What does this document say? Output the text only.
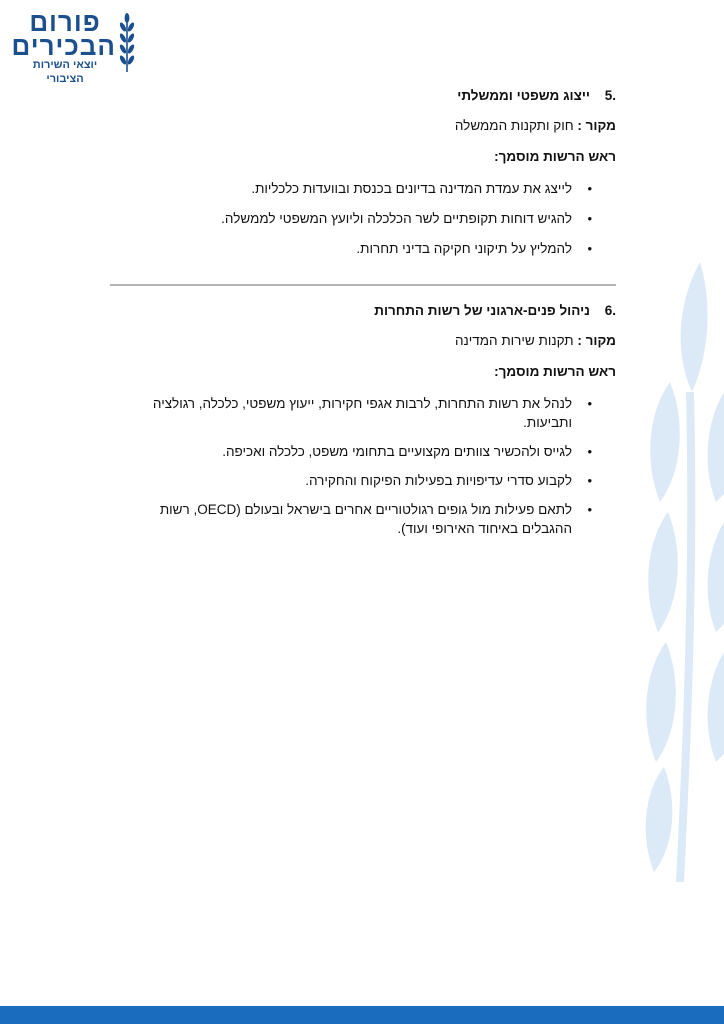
פורום
הבכירים
יוצאי השירות הציבורי

.5ייצוג משפטי וממשלתי

מקור : חוק ותקנות הממשלה

ראש הרשות מוסמך:

• לייצג את עמדת המדינה בדיונים בכנסת ובוועדות כלכליות.
• להגיש דוחות תקופתיים לשר הכלכלה וליועץ המשפטי לממשלה.
• להמליץ על תיקוני חקיקה בדיני תחרות.

.6ניהול פנים-ארגוני של רשות התחרות

מקור : תקנות שירות המדינה

ראש הרשות מוסמך:

• לנהל את רשות התחרות, לרבות אגפי חקירות, ייעוץ משפטי, כלכלה, רגולציה ותביעות.
• לגייס ולהכשיר צוותים מקצועיים בתחומי משפט, כלכלה ואכיפה.
• לקבוע סדרי עדיפויות בפעילות הפיקוח והחקירה.
• לתאם פעילות מול גופים רגולטוריים אחרים בישראל ובעולם (OECD, רשות ההגבלים באיחוד האירופי ועוד).
